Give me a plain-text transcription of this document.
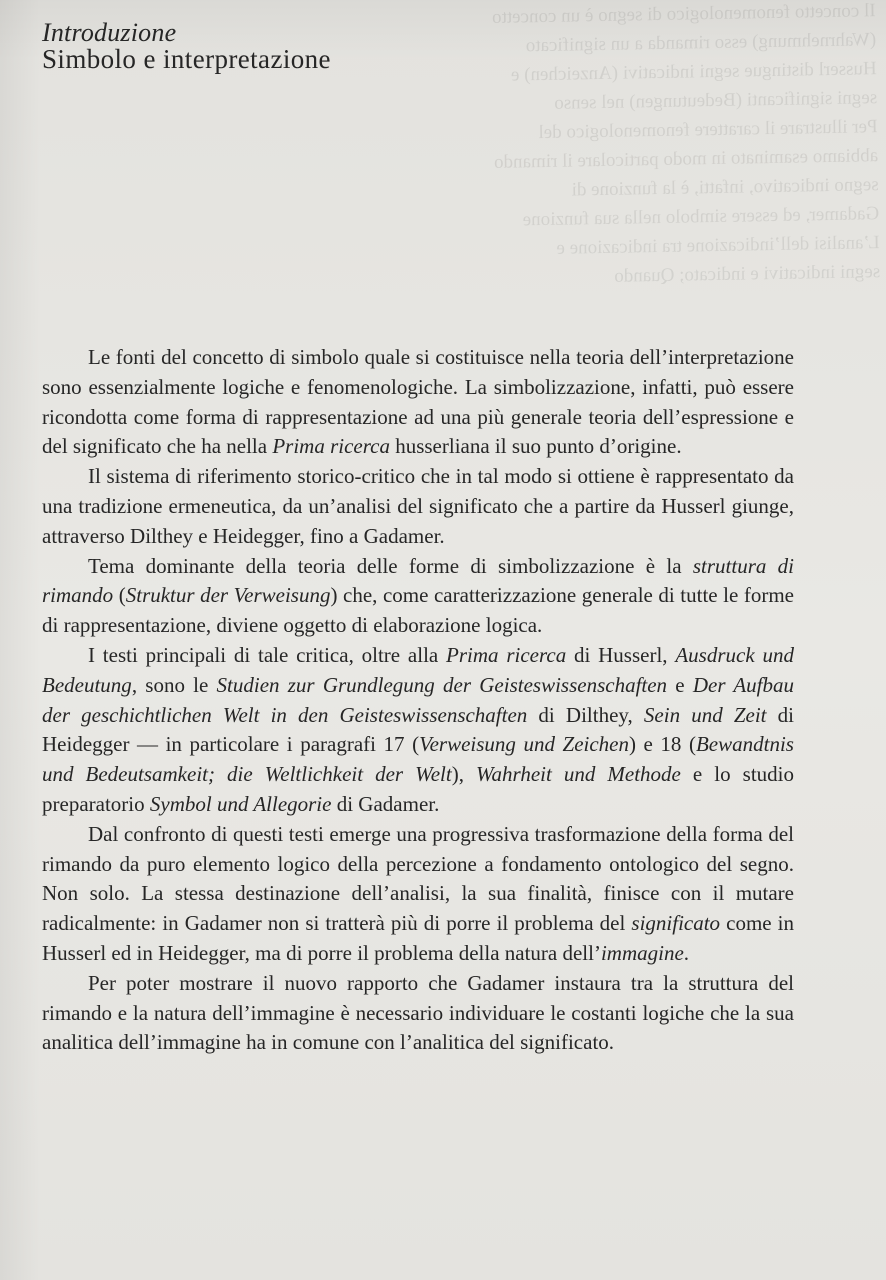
Il concetto fenomenologico di segno è un concetto
(Wahrnehmung) esso rimanda a un significato
Husserl distingue segni indicativi (Anzeichen) e
segni significanti (Bedeutungen) nel senso
Per illustrare il carattere fenomenologico del
abbiamo esaminato in modo particolare il rimando
segno indicativo, infatti, è la funzione di
Gadamer, ed essere simbolo nella sua funzione
L’analisi dell’indicazione tra indicazione e
segni indicativi e indicato; Quando
Introduzione
Simbolo e interpretazione

Le fonti del concetto di simbolo quale si costituisce nella teoria dell’interpretazione sono essenzialmente logiche e fenomenologiche. La simbolizzazione, infatti, può essere ricondotta come forma di rappresentazione ad una più generale teoria dell’espressione e del significato che ha nella Prima ricerca husserliana il suo punto d’origine.

Il sistema di riferimento storico-critico che in tal modo si ottiene è rappresentato da una tradizione ermeneutica, da un’analisi del significato che a partire da Husserl giunge, attraverso Dilthey e Heidegger, fino a Gadamer.

Tema dominante della teoria delle forme di simbolizzazione è la struttura di rimando (Struktur der Verweisung) che, come caratterizzazione generale di tutte le forme di rappresentazione, diviene oggetto di elaborazione logica.

I testi principali di tale critica, oltre alla Prima ricerca di Husserl, Ausdruck und Bedeutung, sono le Studien zur Grundlegung der Geisteswissenschaften e Der Aufbau der geschichtlichen Welt in den Geisteswissenschaften di Dilthey, Sein und Zeit di Heidegger — in particolare i paragrafi 17 (Verweisung und Zeichen) e 18 (Bewandtnis und Bedeutsamkeit; die Weltlichkeit der Welt), Wahrheit und Methode e lo studio preparatorio Symbol und Allegorie di Gadamer.

Dal confronto di questi testi emerge una progressiva trasformazione della forma del rimando da puro elemento logico della percezione a fondamento ontologico del segno. Non solo. La stessa destinazione dell’analisi, la sua finalità, finisce con il mutare radicalmente: in Gadamer non si tratterà più di porre il problema del significato come in Husserl ed in Heidegger, ma di porre il problema della natura dell’immagine.

Per poter mostrare il nuovo rapporto che Gadamer instaura tra la struttura del rimando e la natura dell’immagine è necessario individuare le costanti logiche che la sua analitica dell’immagine ha in comune con l’analitica del significato.
